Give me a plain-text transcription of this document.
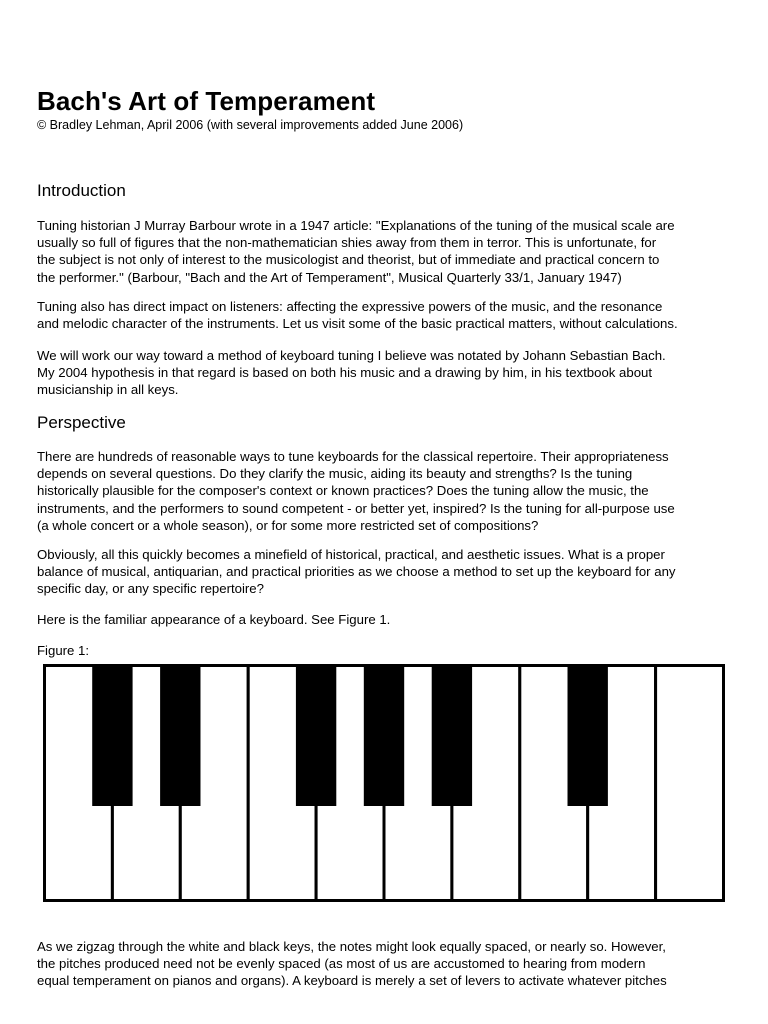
Bach's Art of Temperament

© Bradley Lehman, April 2006 (with several improvements added June 2006)

Introduction

Tuning historian J Murray Barbour wrote in a 1947 article: "Explanations of the tuning of the musical scale are
usually so full of figures that the non-mathematician shies away from them in terror. This is unfortunate, for
the subject is not only of interest to the musicologist and theorist, but of immediate and practical concern to
the performer." (Barbour, "Bach and the Art of Temperament", Musical Quarterly 33/1, January 1947)

Tuning also has direct impact on listeners: affecting the expressive powers of the music, and the resonance
and melodic character of the instruments. Let us visit some of the basic practical matters, without calculations.

We will work our way toward a method of keyboard tuning I believe was notated by Johann Sebastian Bach.
My 2004 hypothesis in that regard is based on both his music and a drawing by him, in his textbook about
musicianship in all keys.

Perspective

There are hundreds of reasonable ways to tune keyboards for the classical repertoire. Their appropriateness
depends on several questions. Do they clarify the music, aiding its beauty and strengths? Is the tuning
historically plausible for the composer's context or known practices? Does the tuning allow the music, the
instruments, and the performers to sound competent - or better yet, inspired? Is the tuning for all-purpose use
(a whole concert or a whole season), or for some more restricted set of compositions?

Obviously, all this quickly becomes a minefield of historical, practical, and aesthetic issues. What is a proper
balance of musical, antiquarian, and practical priorities as we choose a method to set up the keyboard for any
specific day, or any specific repertoire?

Here is the familiar appearance of a keyboard. See Figure 1.

Figure 1:

As we zigzag through the white and black keys, the notes might look equally spaced, or nearly so. However,
the pitches produced need not be evenly spaced (as most of us are accustomed to hearing from modern
equal temperament on pianos and organs). A keyboard is merely a set of levers to activate whatever pitches
